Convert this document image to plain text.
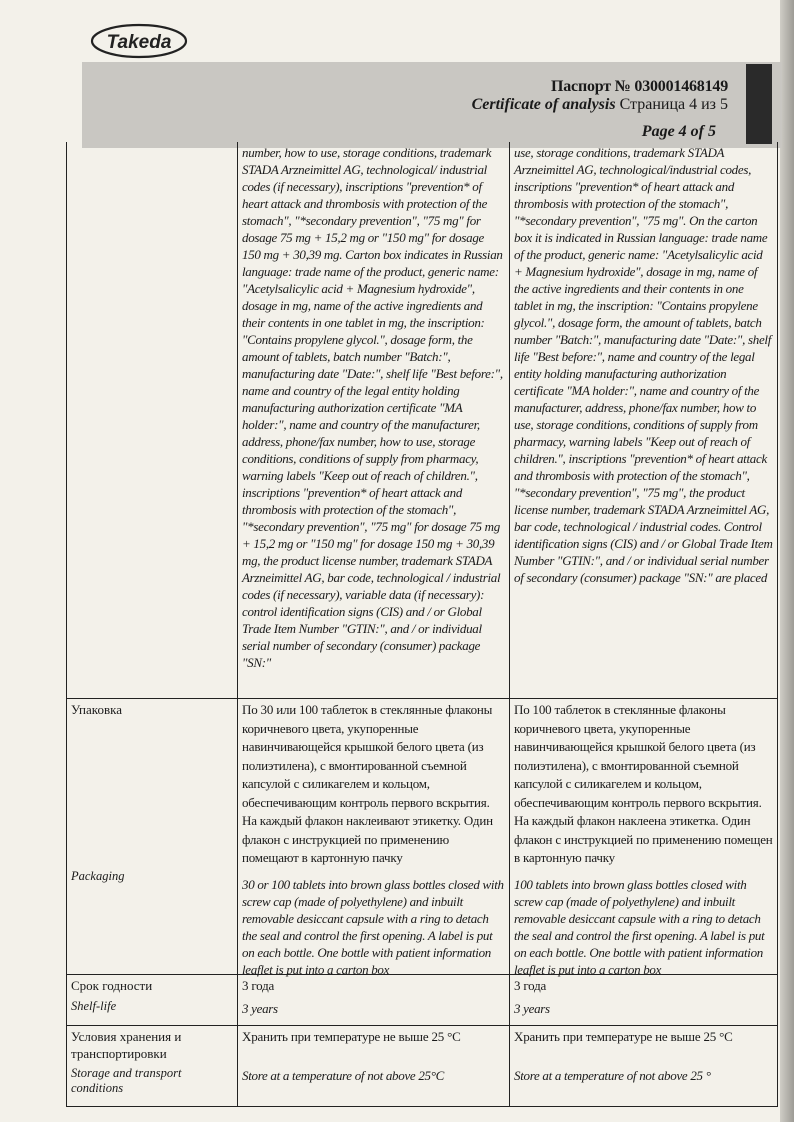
Takeda
Паспорт № 030001468149
Certificate of analysis Страница 4 из 5
Page 4 of 5
number, how to use, storage conditions, trademark STADA Arzneimittel AG, technological/ industrial codes (if necessary), inscriptions "prevention* of heart attack and thrombosis with protection of the stomach", "*secondary prevention", "75 mg" for dosage 75 mg + 15,2 mg or "150 mg" for dosage 150 mg + 30,39 mg. Carton box indicates in Russian language: trade name of the product, generic name: "Acetylsalicylic acid + Magnesium hydroxide", dosage in mg, name of the active ingredients and their contents in one tablet in mg, the inscription: "Contains propylene glycol.", dosage form, the amount of tablets, batch number "Batch:", manufacturing date "Date:", shelf life "Best before:", name and country of the legal entity holding manufacturing authorization certificate "MA holder:", name and country of the manufacturer, address, phone/fax number, how to use, storage conditions, conditions of supply from pharmacy, warning labels "Keep out of reach of children.", inscriptions "prevention* of heart attack and thrombosis with protection of the stomach", "*secondary prevention", "75 mg" for dosage 75 mg + 15,2 mg or "150 mg" for dosage 150 mg + 30,39 mg, the product license number, trademark STADA Arzneimittel AG, bar code, technological / industrial codes (if necessary), variable data (if necessary): control identification signs (CIS) and / or Global Trade Item Number "GTIN:", and / or individual serial number of secondary (consumer) package "SN:"
use, storage conditions, trademark STADA Arzneimittel AG, technological/industrial codes, inscriptions "prevention* of heart attack and thrombosis with protection of the stomach", "*secondary prevention", "75 mg". On the carton box it is indicated in Russian language: trade name of the product, generic name: "Acetylsalicylic acid + Magnesium hydroxide", dosage in mg, name of the active ingredients and their contents in one tablet in mg, the inscription: "Contains propylene glycol.", dosage form, the amount of tablets, batch number "Batch:", manufacturing date "Date:", shelf life "Best before:", name and country of the legal entity holding manufacturing authorization certificate "MA holder:", name and country of the manufacturer, address, phone/fax number, how to use, storage conditions, conditions of supply from pharmacy, warning labels "Keep out of reach of children.", inscriptions "prevention* of heart attack and thrombosis with protection of the stomach", "*secondary prevention", "75 mg", the product license number, trademark STADA Arzneimittel AG, bar code, technological / industrial codes. Control identification signs (CIS) and / or Global Trade Item Number "GTIN:", and / or individual serial number of secondary (consumer) package "SN:" are placed
Упаковка
Packaging
По 30 или 100 таблеток в стеклянные флаконы коричневого цвета, укупоренные навинчивающейся крышкой белого цвета (из полиэтилена), с вмонтированной съемной капсулой с силикагелем и кольцом, обеспечивающим контроль первого вскрытия. На каждый флакон наклеивают этикетку. Один флакон с инструкцией по применению помещают в картонную пачку
30 or 100 tablets into brown glass bottles closed with screw cap (made of polyethylene) and inbuilt removable desiccant capsule with a ring to detach the seal and control the first opening. A label is put on each bottle. One bottle with patient information leaflet is put into a carton box
По 100 таблеток в стеклянные флаконы коричневого цвета, укупоренные навинчивающейся крышкой белого цвета (из полиэтилена), с вмонтированной съемной капсулой с силикагелем и кольцом, обеспечивающим контроль первого вскрытия. На каждый флакон наклеена этикетка. Один флакон с инструкцией по применению помещен в картонную пачку
100 tablets into brown glass bottles closed with screw cap (made of polyethylene) and inbuilt removable desiccant capsule with a ring to detach the seal and control the first opening. A label is put on each bottle. One bottle with patient information leaflet is put into a carton box
Срок годности
Shelf-life
3 года
3 years
3 года
3 years
Условия хранения и транспортировки
Storage and transport conditions
Хранить при температуре не выше 25 °С
Store at a temperature of not above 25°C
Хранить при температуре не выше 25 °С
Store at a temperature of not above 25 °
